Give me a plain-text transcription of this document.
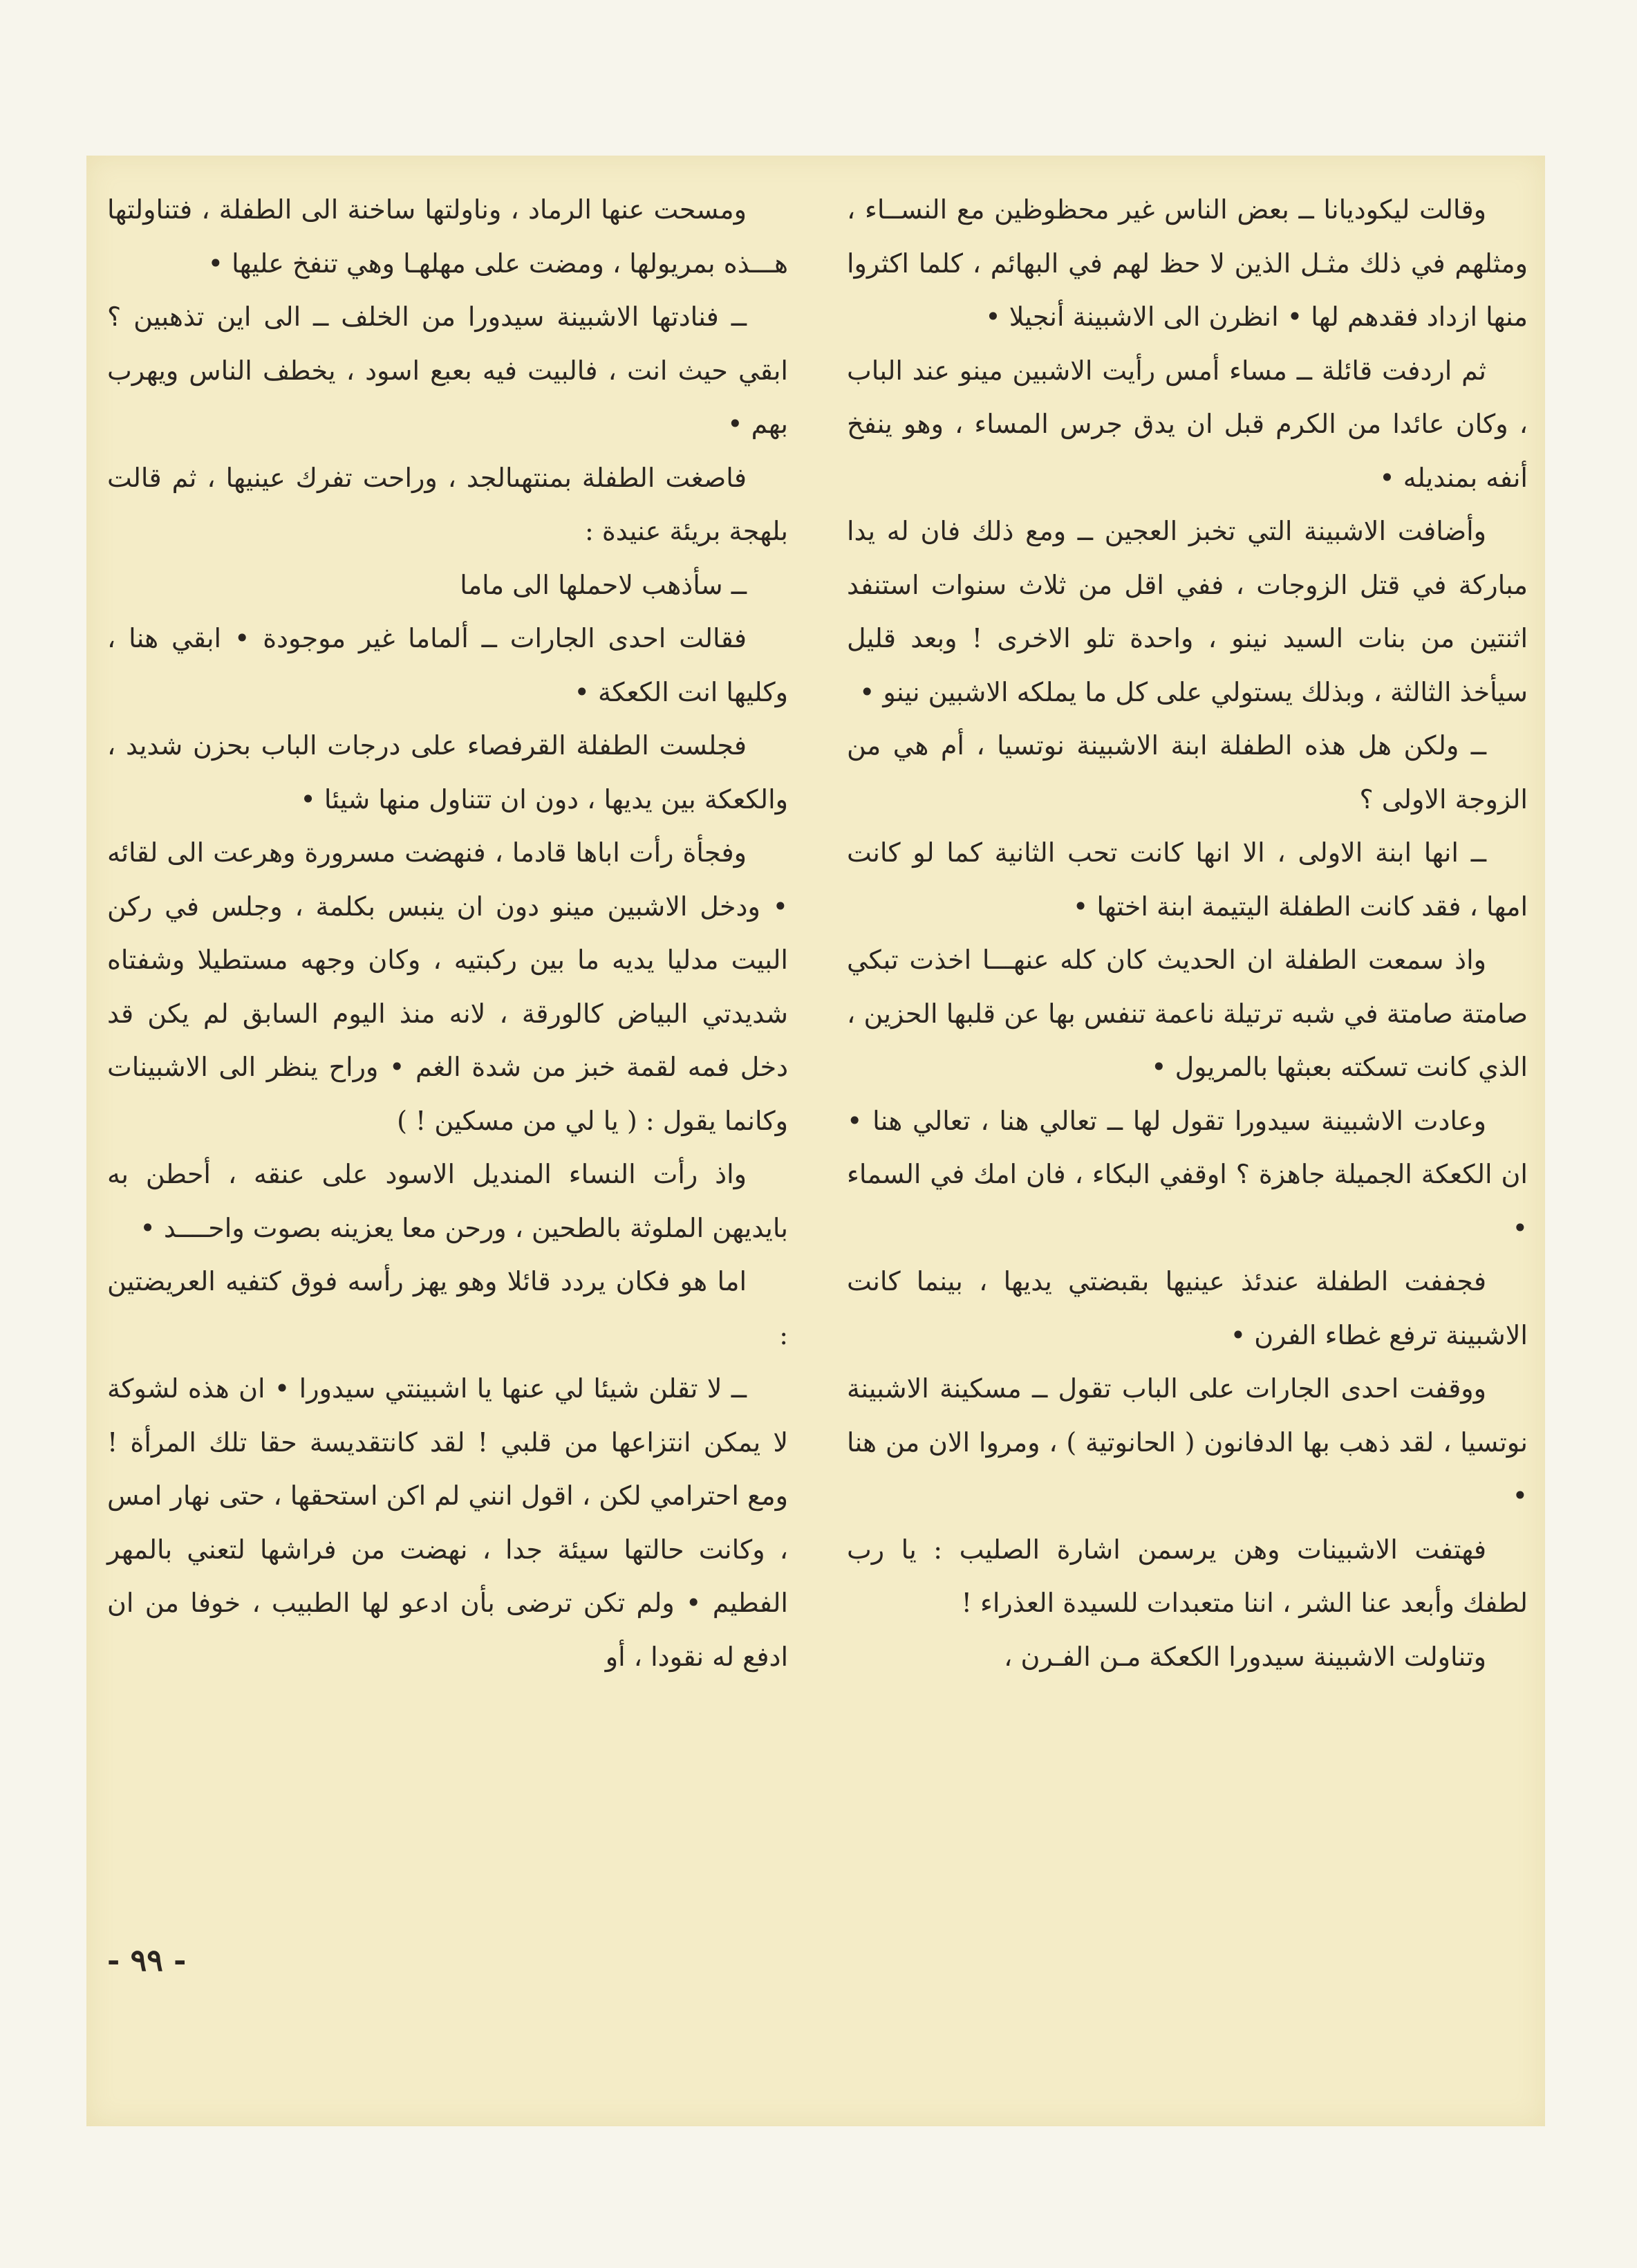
وقالت ليكوديانا ــ بعض الناس غير محظوظين مع النســاء ، ومثلهم في ذلك مثـل الذين لا حظ لهم في البهائم ، كلما اكثروا منها ازداد فقدهم لها • انظرن الى الاشبينة أنجيلا •

ثم اردفت قائلة ــ مساء أمس رأيت الاشبين مينو عند الباب ، وكان عائدا من الكرم قبل ان يدق جرس المساء ، وهو ينفخ أنفه بمنديله •

وأضافت الاشبينة التي تخبز العجين ــ ومع ذلك فان له يدا مباركة في قتل الزوجات ، ففي اقل من ثلاث سنوات استنفد اثنتين من بنات السيد نينو ، واحدة تلو الاخرى ! وبعد قليل سيأخذ الثالثة ، وبذلك يستولي على كل ما يملكه الاشبين نينو •

ــ ولكن هل هذه الطفلة ابنة الاشبينة نوتسيا ، أم هي من الزوجة الاولى ؟

ــ انها ابنة الاولى ، الا انها كانت تحب الثانية كما لو كانت امها ، فقد كانت الطفلة اليتيمة ابنة اختها •

واذ سمعت الطفلة ان الحديث كان كله عنهـــا اخذت تبكي صامتة صامتة في شبه ترتيلة ناعمة تنفس بها عن قلبها الحزين ، الذي كانت تسكته بعبثها بالمريول •

وعادت الاشبينة سيدورا تقول لها ــ تعالي هنا ، تعالي هنا • ان الكعكة الجميلة جاهزة ؟ اوقفي البكاء ، فان امك في السماء •

فجففت الطفلة عندئذ عينيها بقبضتي يديها ، بينما كانت الاشبينة ترفع غطاء الفرن •

ووقفت احدى الجارات على الباب تقول ــ مسكينة الاشبينة نوتسيا ، لقد ذهب بها الدفانون ( الحانوتية ) ، ومروا الان من هنا •

فهتفت الاشبينات وهن يرسمن اشارة الصليب : يا رب لطفك وأبعد عنا الشر ، اننا متعبدات للسيدة العذراء !

وتناولت الاشبينة سيدورا الكعكة مـن الفـرن ،

ومسحت عنها الرماد ، وناولتها ساخنة الى الطفلة ، فتناولتها هـــذه بمريولها ، ومضت على مهلهـا وهي تنفخ عليها •

ــ فنادتها الاشبينة سيدورا من الخلف ــ الى اين تذهبين ؟ ابقي حيث انت ، فالبيت فيه بعبع اسود ، يخطف الناس ويهرب بهم •

فاصغت الطفلة بمنتهىالجد ، وراحت تفرك عينيها ، ثم قالت بلهجة بريئة عنيدة :

ــ سأذهب لاحملها الى ماما

فقالت احدى الجارات ــ ألماما غير موجودة • ابقي هنا ، وكليها انت الكعكة •

فجلست الطفلة القرفصاء على درجات الباب بحزن شديد ، والكعكة بين يديها ، دون ان تتناول منها شيئا •

وفجأة رأت اباها قادما ، فنهضت مسرورة وهرعت الى لقائه • ودخل الاشبين مينو دون ان ينبس بكلمة ، وجلس في ركن البيت مدليا يديه ما بين ركبتيه ، وكان وجهه مستطيلا وشفتاه شديدتي البياض كالورقة ، لانه منذ اليوم السابق لم يكن قد دخل فمه لقمة خبز من شدة الغم • وراح ينظر الى الاشبينات وكانما يقول : ( يا لي من مسكين ! )

واذ رأت النساء المنديل الاسود على عنقه ، أحطن به بايديهن الملوثة بالطحين ، ورحن معا يعزينه بصوت واحــــد •

اما هو فكان يردد قائلا وهو يهز رأسه فوق كتفيه العريضتين :

ــ لا تقلن شيئا لي عنها يا اشبينتي سيدورا • ان هذه لشوكة لا يمكن انتزاعها من قلبي ! لقد كانتقديسة حقا تلك المرأة ! ومع احترامي لكن ، اقول انني لم اكن استحقها ، حتى نهار امس ، وكانت حالتها سيئة جدا ، نهضت من فراشها لتعني بالمهر الفطيم • ولم تكن ترضى بأن ادعو لها الطبيب ، خوفا من ان ادفع له نقودا ، أو

- ٩٩ -
